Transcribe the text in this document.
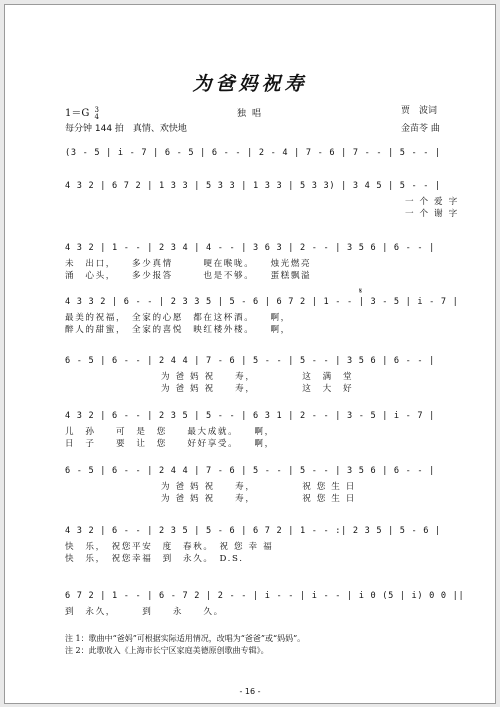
为爸妈祝寿
1＝G 3
4
每分钟 144 拍　真情、欢快地
独唱	贾　波词
金苗苓 曲
𝄋
(3 - 5 | i - 7 | 6 - 5 | 6 - - | 2 - 4 | 7 - 6 | 7 - - | 5 - - |
4 3 2 | 6 7 2 | 1 3 3 | 5 3 3 | 1 3 3 | 5 3 3) | 3 4 5 | 5 - - |
一 个 爱 字
一 个 谢 字
4 3 2 | 1 - - | 2 3 4 | 4 - - | 3 6 3 | 2 - - | 3 5 6 | 6 - - |
未　出口，　　多少真情　　　哽在喉咙。　　烛光燃亮
涌　心头，　　多少报答　　　也是不够。　　蛋糕飘溢
4 3 3 2 | 6 - - | 2 3 3 5 | 5 - 6 | 6 7 2 | 1 - - | 3 - 5 | i - 7 |
最美的祝福，　全家的心愿　都在这杯酒。　　啊，
醉人的甜蜜，　全家的喜悦　映红楼外楼。　　啊，
6 - 5 | 6 - - | 2 4 4 | 7 - 6 | 5 - - | 5 - - | 3 5 6 | 6 - - |
为 爸 妈 祝　　寿，　　　　　这　满　堂
为 爸 妈 祝　　寿，　　　　　这　大　好
4 3 2 | 6 - - | 2 3 5 | 5 - - | 6 3 1 | 2 - - | 3 - 5 | i - 7 |
儿　孙　　可　是　您　　最大成就。　　啊，
日　子　　要　让　您　　好好享受。　　啊，
6 - 5 | 6 - - | 2 4 4 | 7 - 6 | 5 - - | 5 - - | 3 5 6 | 6 - - |
为 爸 妈 祝　　寿，　　　　　祝 您 生 日
为 爸 妈 祝　　寿，　　　　　祝 您 生 日
4 3 2 | 6 - - | 2 3 5 | 5 - 6 | 6 7 2 | 1 - - :| 2 3 5 | 5 - 6 |
快　乐，　祝您平安　度　春秋。　祝 您 幸 福
快　乐，　祝您幸福　到　永久。　D.S.
6 7 2 | 1 - - | 6 - 7 2 | 2 - - | i - - | i - - | i 0 (5 | i) 0 0 ||
到　永久，　　　到　　永　　久。
注 1：歌曲中“爸妈”可根据实际适用情况，改唱为“爸爸”或“妈妈”。
注 2：此歌收入《上海市长宁区家庭美德原创歌曲专辑》。
- 16 -
